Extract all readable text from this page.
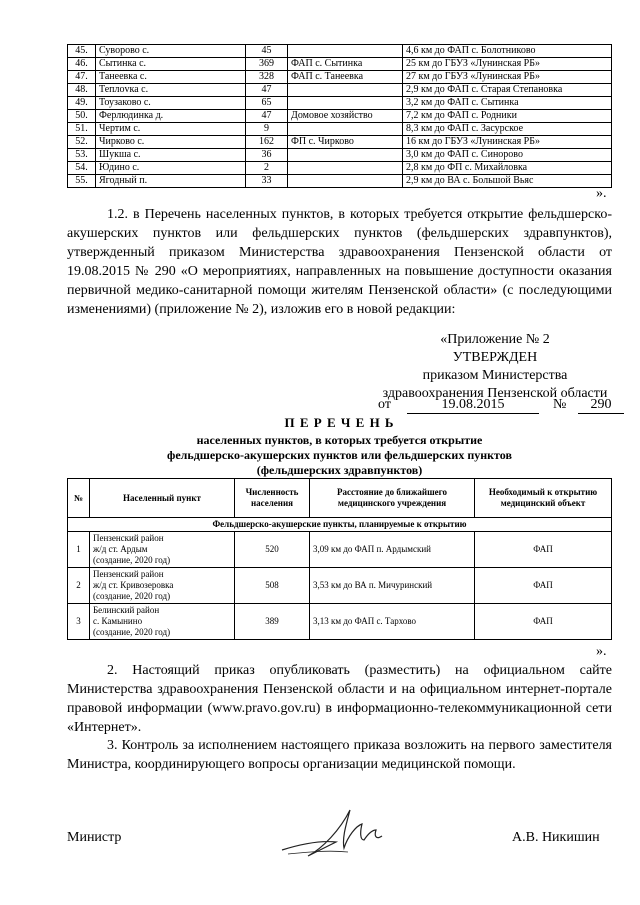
45.	Суворово с.	45		4,6 км до ФАП с. Болотниково
46.	Сытинка с.	369	ФАП с. Сытинка	25 км до ГБУЗ «Лунинская РБ»
47.	Танеевка с.	328	ФАП с. Танеевка	27 км до ГБУЗ «Лунинская РБ»
48.	Теплovка с.	47		2,9 км до ФАП с. Старая Степановка
49.	Тоузаково с.	65		3,2 км до ФАП с. Сытинка
50.	Ферлюдинка д.	47	Домовое хозяйство	7,2 км до ФАП с. Родники
51.	Чертим с.	9		8,3 км до ФАП с. Засурское
52.	Чирково с.	162	ФП с. Чирково	16 км до ГБУЗ «Лунинская РБ»
53.	Шукша с.	36		3,0 км до ФАП с. Синорово
54.	Юдино с.	2		2,8 км до ФП с. Михайловка
55.	Ягодный п.	33		2,9 км до ВА с. Большой Вьяс
».
1.2. в Перечень населенных пунктов, в которых требуется открытие фельдшерско-акушерских пунктов или фельдшерских пунктов (фельдшерских здравпунктов), утвержденный приказом Министерства здравоохранения Пензенской области от 19.08.2015 № 290 «О мероприятиях, направленных на повышение доступности оказания первичной медико-санитарной помощи жителям Пензенской области» (с последующими изменениями) (приложение № 2), изложив его в новой редакции:
«Приложение № 2
УТВЕРЖДЕН
приказом Министерства
здравоохранения Пензенской области
от	19.08.2015	№	290
П Е Р Е Ч Е Н Ь
населенных пунктов, в которых требуется открытие
фельдшерско-акушерских пунктов или фельдшерских пунктов
(фельдшерских здравпунктов)
№	Населенный пункт	Численность населения	Расстояние до ближайшего медицинского учреждения	Необходимый к открытию медицинский объект
Фельдшерско-акушерские пункты, планируемые к открытию				
1	Пензенский район
ж/д ст. Ардым
(создание, 2020 год)	520	3,09 км до ФАП п. Ардымский	ФАП
2	Пензенский район
ж/д ст. Кривозеровка
(создание, 2020 год)	508	3,53 км до ВА п. Мичуринский	ФАП
3	Белинский район
с. Камынино
(создание, 2020 год)	389	3,13 км до ФАП с. Тархово	ФАП
».
2. Настоящий приказ опубликовать (разместить) на официальном сайте Министерства здравоохранения Пензенской области и на официальном интернет-портале правовой информации (www.pravo.gov.ru) в информационно-телекоммуникационной сети «Интернет».
3. Контроль за исполнением настоящего приказа возложить на первого заместителя Министра, координирующего вопросы организации медицинской помощи.
Министр	А.В. Никишин
